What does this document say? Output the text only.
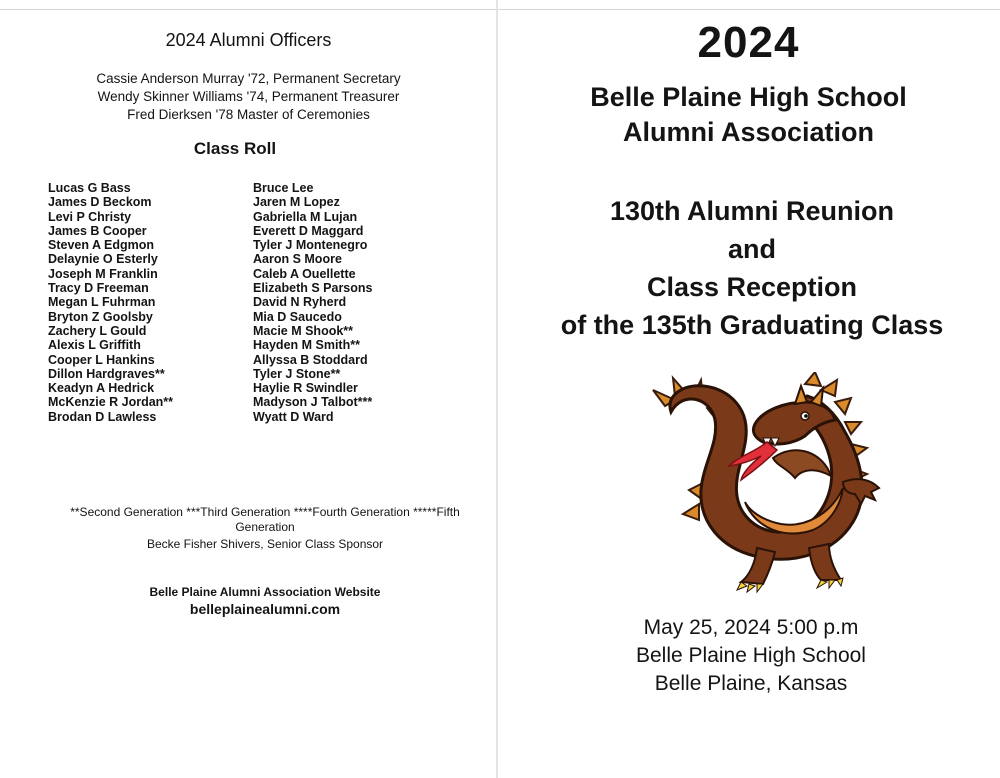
2024 Alumni Officers
Cassie Anderson Murray '72, Permanent Secretary
Wendy Skinner Williams '74, Permanent Treasurer
Fred Dierksen '78 Master of Ceremonies
Class Roll
Lucas G Bass
James D Beckom
Levi P Christy
James B Cooper
Steven A Edgmon
Delaynie O Esterly
Joseph M Franklin
Tracy D Freeman
Megan L Fuhrman
Bryton Z Goolsby
Zachery L Gould
Alexis L Griffith
Cooper L Hankins
Dillon Hardgraves**
Keadyn A Hedrick
McKenzie R Jordan**
Brodan D Lawless
Bruce Lee
Jaren M Lopez
Gabriella M Lujan
Everett D Maggard
Tyler J Montenegro
Aaron S Moore
Caleb A Ouellette
Elizabeth S Parsons
David N Ryherd
Mia D Saucedo
Macie M Shook**
Hayden M Smith**
Allyssa B Stoddard
Tyler J Stone**
Haylie R Swindler
Madyson J Talbot***
Wyatt D Ward
**Second Generation ***Third Generation ****Fourth Generation *****Fifth Generation
Becke Fisher Shivers, Senior Class Sponsor
Belle Plaine Alumni Association Website
belleplainealumni.com
2024
Belle Plaine High School
Alumni Association
130th Alumni Reunion
and
Class Reception
of the 135th Graduating Class
May 25, 2024 5:00 p.m
Belle Plaine High School
Belle Plaine, Kansas
